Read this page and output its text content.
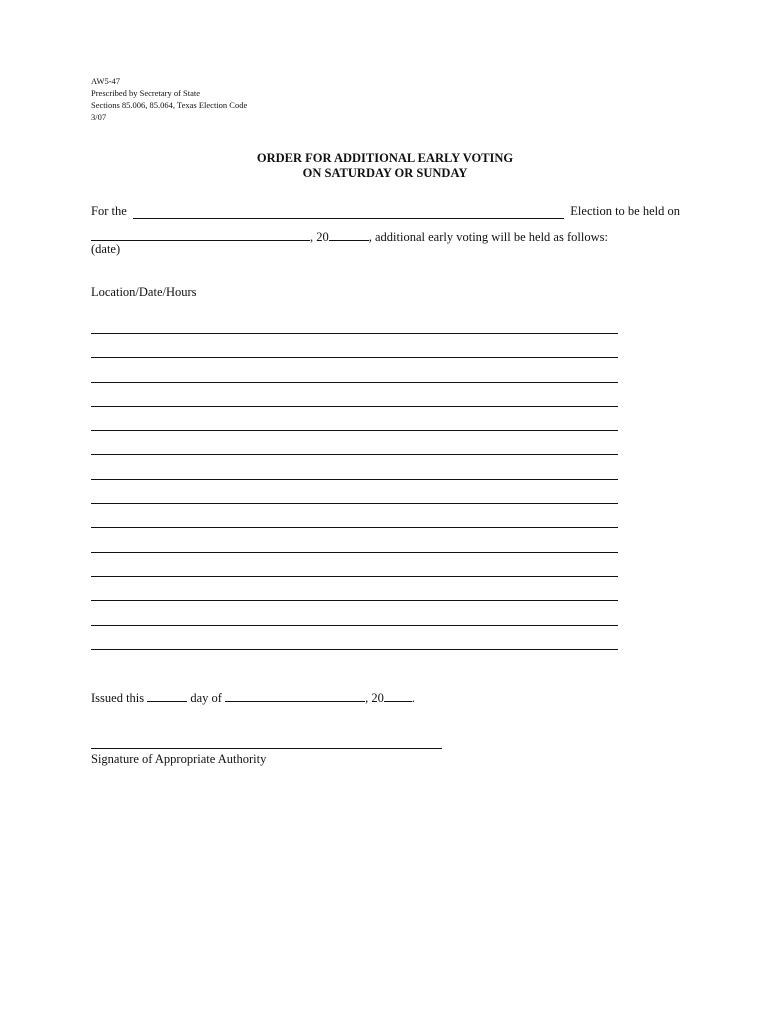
AW5-47
Prescribed by Secretary of State
Sections 85.006, 85.064, Texas Election Code
3/07
ORDER FOR ADDITIONAL EARLY VOTING
ON SATURDAY OR SUNDAY
For the	Election to be held on
, 20	, additional early voting will be held as follows:
(date)
Location/Date/Hours
Issued this	day of	, 20 .
Signature of Appropriate Authority
